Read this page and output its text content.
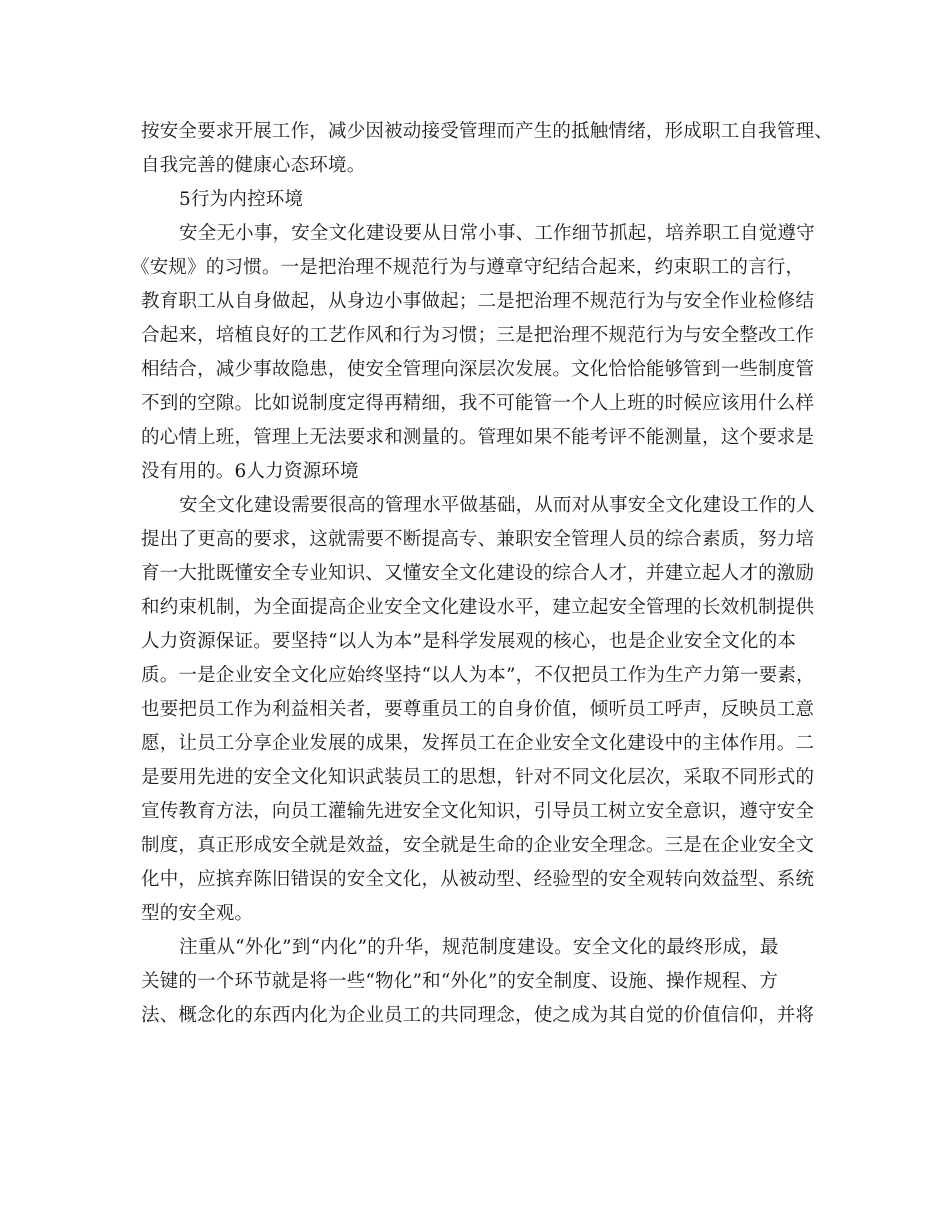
按安全要求开展工作，减少因被动接受管理而产生的抵触情绪，形成职工自我管理、
自我完善的健康心态环境。
5行为内控环境
安全无小事，安全文化建设要从日常小事、工作细节抓起，培养职工自觉遵守
《安规》的习惯。一是把治理不规范行为与遵章守纪结合起来，约束职工的言行，
教育职工从自身做起，从身边小事做起；二是把治理不规范行为与安全作业检修结
合起来，培植良好的工艺作风和行为习惯；三是把治理不规范行为与安全整改工作
相结合，减少事故隐患，使安全管理向深层次发展。文化恰恰能够管到一些制度管
不到的空隙。比如说制度定得再精细，我不可能管一个人上班的时候应该用什么样
的心情上班，管理上无法要求和测量的。管理如果不能考评不能测量，这个要求是
没有用的。6人力资源环境
安全文化建设需要很高的管理水平做基础，从而对从事安全文化建设工作的人
提出了更高的要求，这就需要不断提高专、兼职安全管理人员的综合素质，努力培
育一大批既懂安全专业知识、又懂安全文化建设的综合人才，并建立起人才的激励
和约束机制，为全面提高企业安全文化建设水平，建立起安全管理的长效机制提供
人力资源保证。要坚持“以人为本”是科学发展观的核心，也是企业安全文化的本
质。一是企业安全文化应始终坚持“以人为本”，不仅把员工作为生产力第一要素，
也要把员工作为利益相关者，要尊重员工的自身价值，倾听员工呼声，反映员工意
愿，让员工分享企业发展的成果，发挥员工在企业安全文化建设中的主体作用。二
是要用先进的安全文化知识武装员工的思想，针对不同文化层次，采取不同形式的
宣传教育方法，向员工灌输先进安全文化知识，引导员工树立安全意识，遵守安全
制度，真正形成安全就是效益，安全就是生命的企业安全理念。三是在企业安全文
化中，应摈弃陈旧错误的安全文化，从被动型、经验型的安全观转向效益型、系统
型的安全观。
注重从“外化”到“内化”的升华，规范制度建设。安全文化的最终形成，最
关键的一个环节就是将一些“物化”和“外化”的安全制度、设施、操作规程、方
法、概念化的东西内化为企业员工的共同理念，使之成为其自觉的价值信仰，并将
